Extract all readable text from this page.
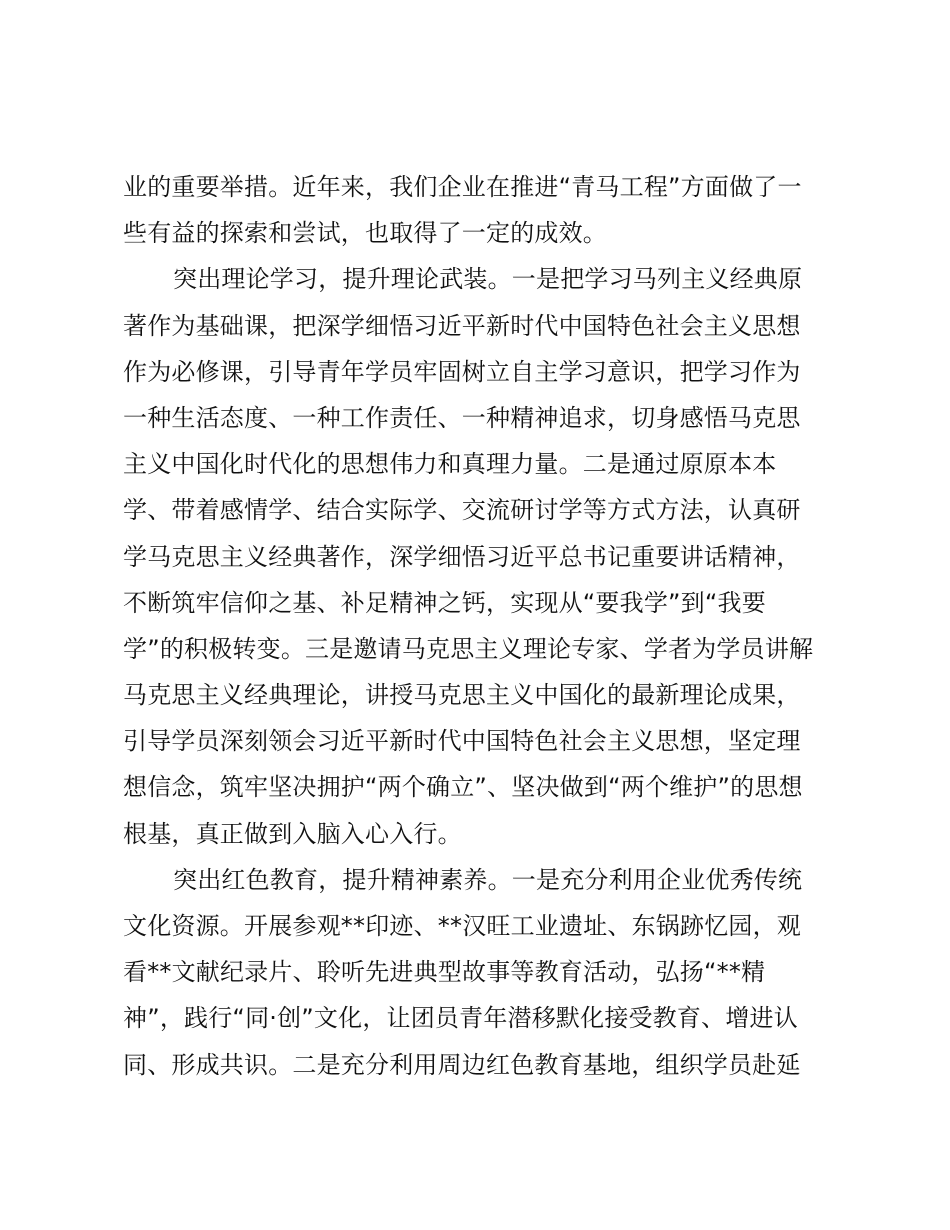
业的重要举措。近年来，我们企业在推进“青马工程”方面做了一
些有益的探索和尝试，也取得了一定的成效。
突出理论学习，提升理论武装。一是把学习马列主义经典原
著作为基础课，把深学细悟习近平新时代中国特色社会主义思想
作为必修课，引导青年学员牢固树立自主学习意识，把学习作为
一种生活态度、一种工作责任、一种精神追求，切身感悟马克思
主义中国化时代化的思想伟力和真理力量。二是通过原原本本
学、带着感情学、结合实际学、交流研讨学等方式方法，认真研
学马克思主义经典著作，深学细悟习近平总书记重要讲话精神，
不断筑牢信仰之基、补足精神之钙，实现从“要我学”到“我要
学”的积极转变。三是邀请马克思主义理论专家、学者为学员讲解
马克思主义经典理论，讲授马克思主义中国化的最新理论成果，
引导学员深刻领会习近平新时代中国特色社会主义思想，坚定理
想信念，筑牢坚决拥护“两个确立”、坚决做到“两个维护”的思想
根基，真正做到入脑入心入行。
突出红色教育，提升精神素养。一是充分利用企业优秀传统
文化资源。开展参观**印迹、**汉旺工业遗址、东锅跡忆园，观
看**文献纪录片、聆听先进典型故事等教育活动，弘扬“**精
神”，践行“同·创”文化，让团员青年潜移默化接受教育、增进认
同、形成共识。二是充分利用周边红色教育基地，组织学员赴延
